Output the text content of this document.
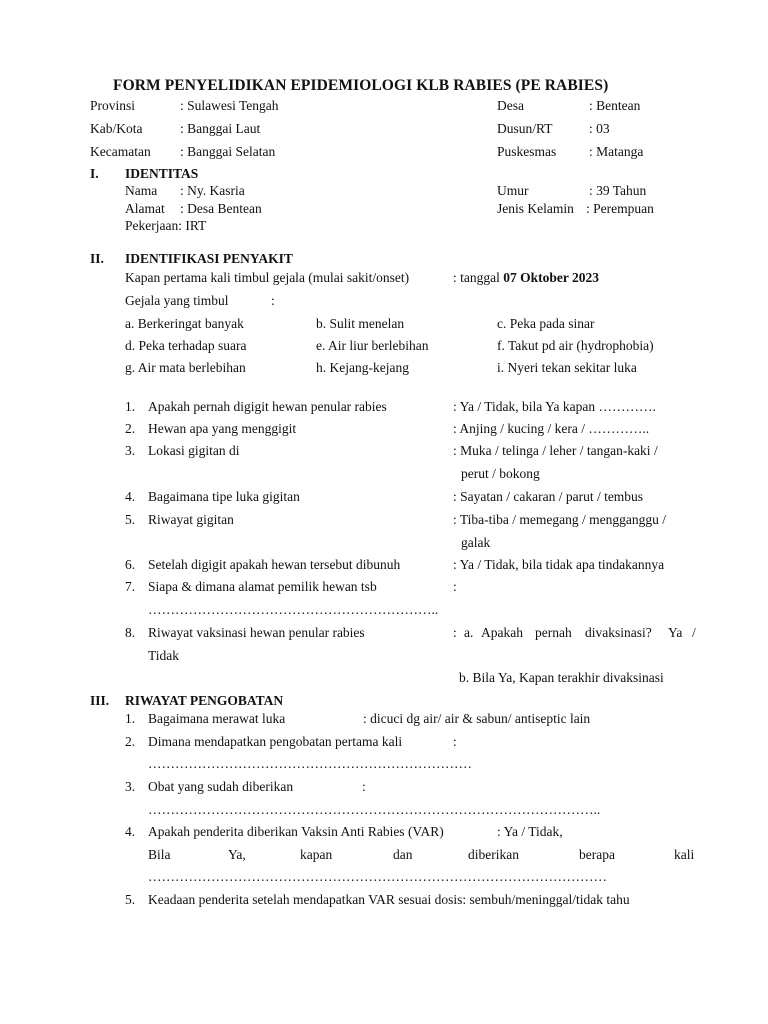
FORM PENYELIDIKAN EPIDEMIOLOGI KLB RABIES (PE RABIES)
Provinsi	: Sulawesi Tengah	Desa	: Bentean
Kab/Kota	: Banggai Laut	Dusun/RT	: 03
Kecamatan : Banggai Selatan	Puskesmas : Matanga
I. IDENTITAS
Nama : Ny. Kasria	Umur	: 39 Tahun
Alamat : Desa Bentean	Jenis Kelamin : Perempuan
Pekerjaan: IRT
II. IDENTIFIKASI PENYAKIT
Kapan pertama kali timbul gejala (mulai sakit/onset)	: tanggal 07 Oktober 2023
Gejala yang timbul	:
a. Berkeringat banyak	b. Sulit menelan	c. Peka pada sinar
d. Peka terhadap suara	e. Air liur berlebihan	f. Takut pd air (hydrophobia)
g. Air mata berlebihan	h. Kejang-kejang	i. Nyeri tekan sekitar luka
1. Apakah pernah digigit hewan penular rabies	: Ya / Tidak, bila Ya kapan ………….
2. Hewan apa yang menggigit	: Anjing / kucing / kera / …………..
3. Lokasi gigitan di	: Muka / telinga / leher / tangan-kaki /
perut / bokong
4. Bagaimana tipe luka gigitan	: Sayatan / cakaran / parut / tembus
5. Riwayat gigitan	: Tiba-tiba / memegang / mengganggu /
galak
6. Setelah digigit apakah hewan tersebut dibunuh	: Ya / Tidak, bila tidak apa tindakannya
7. Siapa & dimana alamat pemilik hewan tsb	:
………………………………………………………..
8. Riwayat vaksinasi hewan penular rabies	: a. Apakah pernah divaksinasi? Ya /
Tidak
b. Bila Ya, Kapan terakhir divaksinasi
III. RIWAYAT PENGOBATAN
1. Bagaimana merawat luka	: dicuci dg air/ air & sabun/ antiseptic lain
2. Dimana mendapatkan pengobatan pertama kali	:
………………………………………………………………
3. Obat yang sudah diberikan	:
………………………………………………………………………………………..
4. Apakah penderita diberikan Vaksin Anti Rabies (VAR)	: Ya / Tidak,
Bila	Ya,	kapan	dan	diberikan	berapa	kali
…………………………………………………………………………………………
5. Keadaan penderita setelah mendapatkan VAR sesuai dosis: sembuh/meninggal/tidak tahu
